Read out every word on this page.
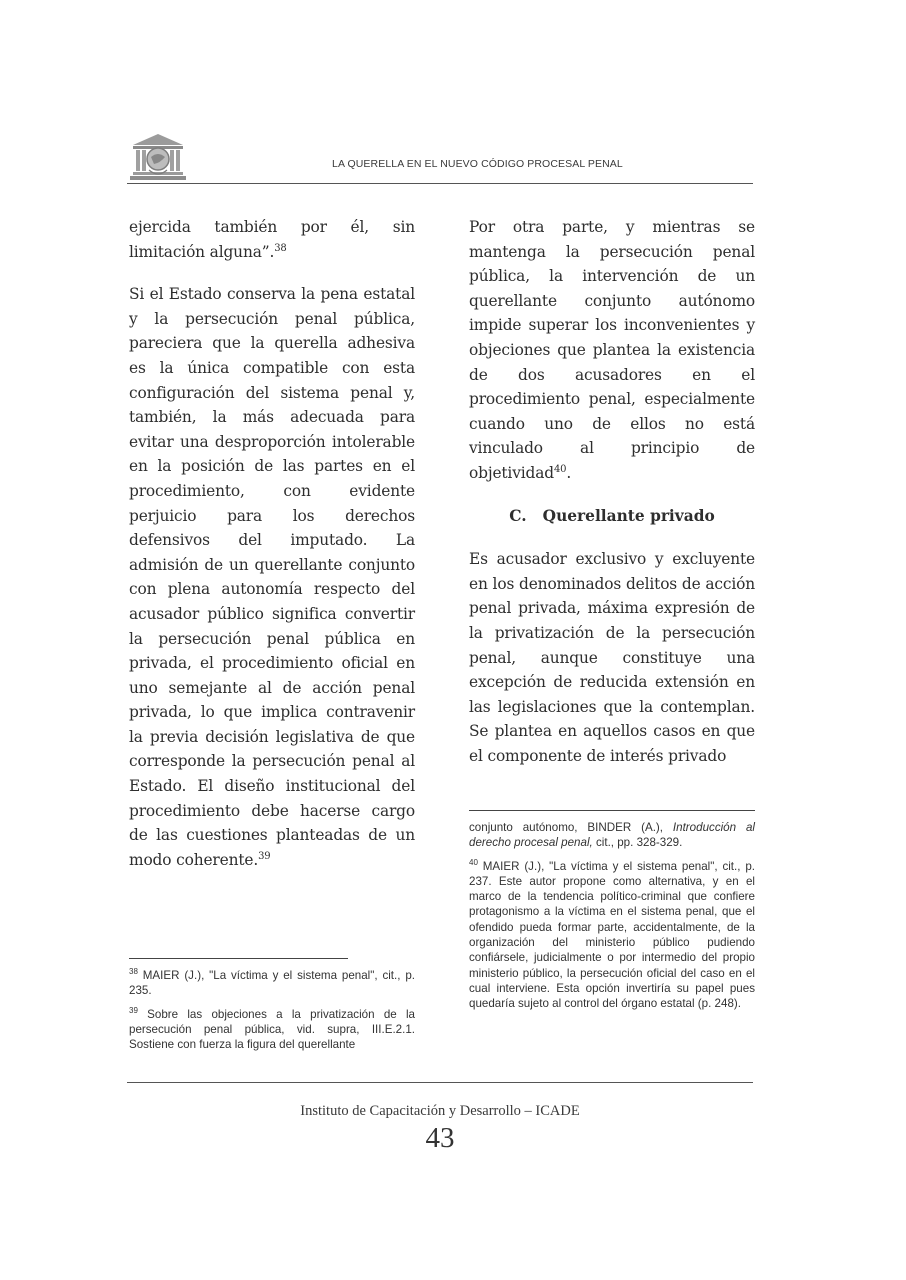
LA QUERELLA EN EL NUEVO CÓDIGO PROCESAL PENAL

ejercida también por él, sin limitación alguna”.$^{38}$

Si el Estado conserva la pena estatal y la persecución penal pública, pareciera que la querella adhesiva es la única compatible con esta configuración del sistema penal y, también, la más adecuada para evitar una desproporción intolerable en la posición de las partes en el procedimiento, con evidente perjuicio para los derechos defensivos del imputado. La admisión de un querellante conjunto con plena autonomía respecto del acusador público significa convertir la persecución penal pública en privada, el procedimiento oficial en uno semejante al de acción penal privada, lo que implica contravenir la previa decisión legislativa de que corresponde la persecución penal al Estado. El diseño institucional del procedimiento debe hacerse cargo de las cuestiones planteadas de un modo coherente.$^{39}$

Por otra parte, y mientras se mantenga la persecución penal pública, la intervención de un querellante conjunto autónomo impide superar los inconvenientes y objeciones que plantea la existencia de dos acusadores en el procedimiento penal, especialmente cuando uno de ellos no está vinculado al principio de objetividad$^{40}$.

C.   Querellante privado

Es acusador exclusivo y excluyente en los denominados delitos de acción penal privada, máxima expresión de la privatización de la persecución penal, aunque constituye una excepción de reducida extensión en las legislaciones que la contemplan. Se plantea en aquellos casos en que el componente de interés privado

$^{38}$ MAIER (J.), "La víctima y el sistema penal", cit., p. 235.

$^{39}$ Sobre las objeciones a la privatización de la persecución penal pública, vid. supra, III.E.2.1. Sostiene con fuerza la figura del querellante

conjunto autónomo, BINDER (A.), Introducción al derecho procesal penal, cit., pp. 328-329.

$^{40}$ MAIER (J.), "La víctima y el sistema penal", cit., p. 237. Este autor propone como alternativa, y en el marco de la tendencia político-criminal que confiere protagonismo a la víctima en el sistema penal, que el ofendido pueda formar parte, accidentalmente, de la organización del ministerio público pudiendo confiársele, judicialmente o por intermedio del propio ministerio público, la persecución oficial del caso en el cual interviene. Esta opción invertiría su papel pues quedaría sujeto al control del órgano estatal (p. 248).

Instituto de Capacitación y Desarrollo – ICADE
43
